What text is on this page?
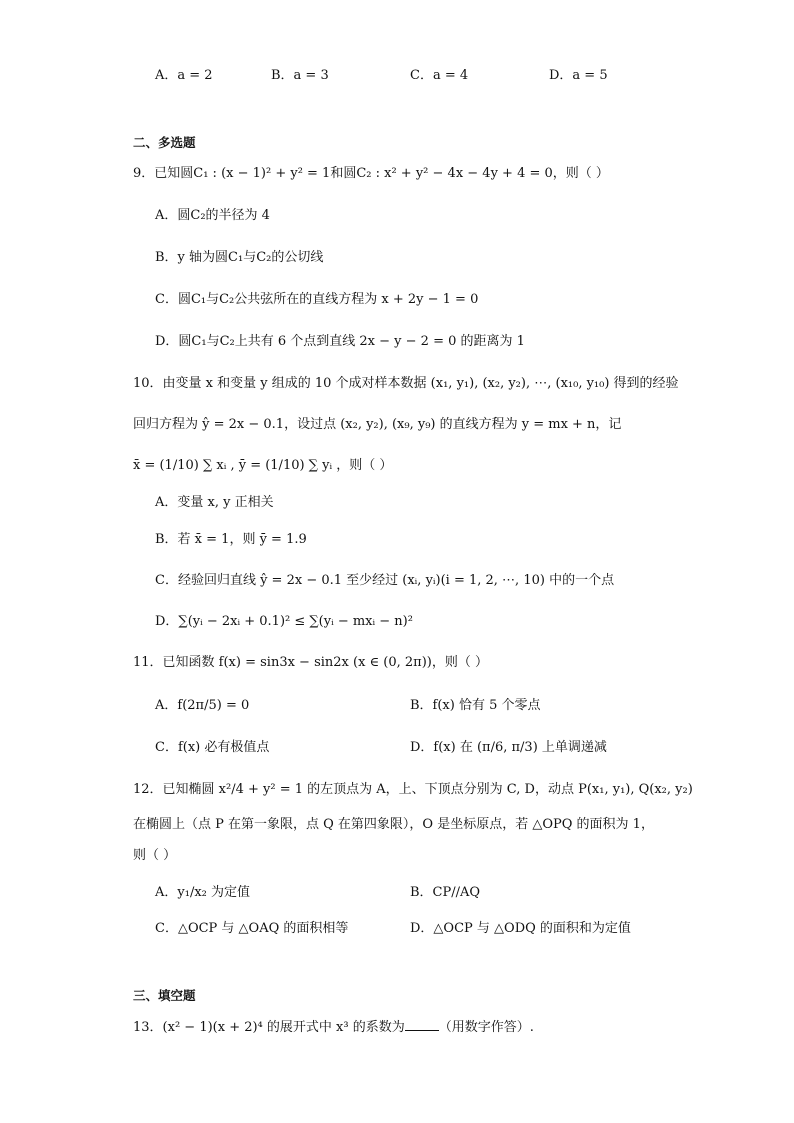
A．a = 2	B．a = 3	C．a = 4	D．a = 5
二、多选题
9．已知圆C₁ : (x − 1)² + y² = 1和圆C₂ : x² + y² − 4x − 4y + 4 = 0，则（ ）
A．圆C₂的半径为 4
B．y 轴为圆C₁与C₂的公切线
C．圆C₁与C₂公共弦所在的直线方程为 x + 2y − 1 = 0
D．圆C₁与C₂上共有 6 个点到直线 2x − y − 2 = 0 的距离为 1
10．由变量 x 和变量 y 组成的 10 个成对样本数据 (x₁, y₁), (x₂, y₂), ⋯, (x₁₀, y₁₀) 得到的经验
回归方程为 ŷ = 2x − 0.1，设过点 (x₂, y₂), (x₉, y₉) 的直线方程为 y = mx + n，记
x̄ = (1/10) ∑ xᵢ , ȳ = (1/10) ∑ yᵢ ，则（ ）
A．变量 x, y 正相关
B．若 x̄ = 1，则 ȳ = 1.9
C．经验回归直线 ŷ = 2x − 0.1 至少经过 (xᵢ, yᵢ)(i = 1, 2, ⋯, 10) 中的一个点
D．∑(yᵢ − 2xᵢ + 0.1)² ≤ ∑(yᵢ − mxᵢ − n)²
11．已知函数 f(x) = sin3x − sin2x (x ∈ (0, 2π))，则（ ）
A．f(2π/5) = 0	B．f(x) 恰有 5 个零点
C．f(x) 必有极值点	D．f(x) 在 (π/6, π/3) 上单调递减
12．已知椭圆 x²/4 + y² = 1 的左顶点为 A，上、下顶点分别为 C, D，动点 P(x₁, y₁), Q(x₂, y₂)
在椭圆上（点 P 在第一象限，点 Q 在第四象限），O 是坐标原点，若 △OPQ 的面积为 1，
则（ ）
A．y₁/x₂ 为定值	B．CP//AQ
C．△OCP 与 △OAQ 的面积相等	D．△OCP 与 △ODQ 的面积和为定值
三、填空题
13．(x² − 1)(x + 2)⁴ 的展开式中 x³ 的系数为	（用数字作答）.
